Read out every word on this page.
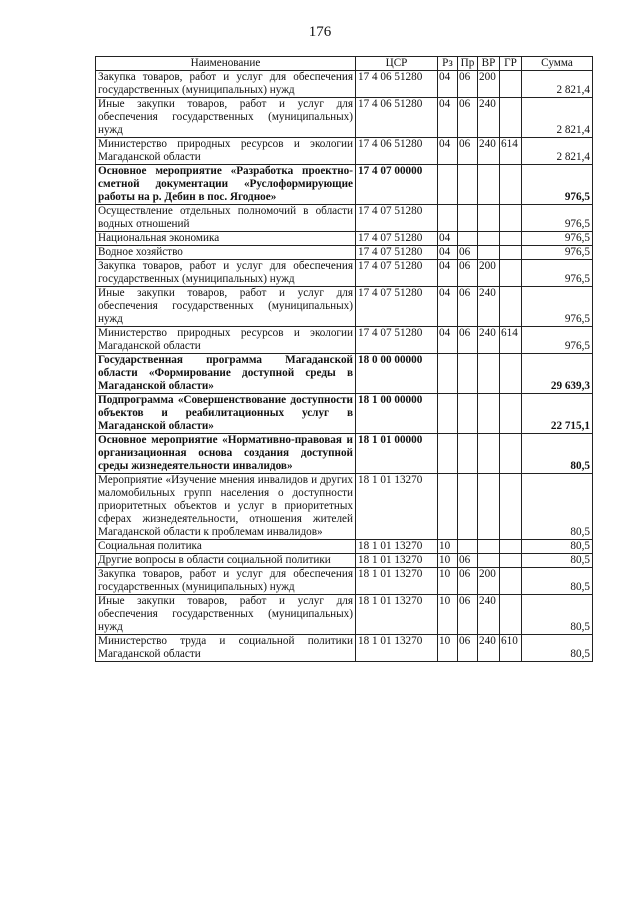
176
Наименование	ЦСР	Рз	Пр	ВР	ГР	Сумма
Закупка товаров, работ и услуг для обеспечения государственных (муниципальных) нужд	17 4 06 51280	04	06	200		2 821,4
Иные закупки товаров, работ и услуг для обеспечения государственных (муниципальных) нужд	17 4 06 51280	04	06	240		2 821,4
Министерство природных ресурсов и экологии Магаданской области	17 4 06 51280	04	06	240	614	2 821,4
Основное мероприятие «Разработка проектно-сметной документации «Руслоформирующие работы на р. Дебин в пос. Ягодное»	17 4 07 00000					976,5
Осуществление отдельных полномочий в области водных отношений	17 4 07 51280					976,5
Национальная экономика	17 4 07 51280	04				976,5
Водное хозяйство	17 4 07 51280	04	06			976,5
Закупка товаров, работ и услуг для обеспечения государственных (муниципальных) нужд	17 4 07 51280	04	06	200		976,5
Иные закупки товаров, работ и услуг для обеспечения государственных (муниципальных) нужд	17 4 07 51280	04	06	240		976,5
Министерство природных ресурсов и экологии Магаданской области	17 4 07 51280	04	06	240	614	976,5
Государственная программа Магаданской области «Формирование доступной среды в Магаданской области»	18 0 00 00000					29 639,3
Подпрограмма «Совершенствование доступности объектов и реабилитационных услуг в Магаданской области»	18 1 00 00000					22 715,1
Основное мероприятие «Нормативно-правовая и организационная основа создания доступной среды жизнедеятельности инвалидов»	18 1 01 00000					80,5
Мероприятие «Изучение мнения инвалидов и других маломобильных групп населения о доступности приоритетных объектов и услуг в приоритетных сферах жизнедеятельности, отношения жителей Магаданской области к проблемам инвалидов»	18 1 01 13270					80,5
Социальная политика	18 1 01 13270	10				80,5
Другие вопросы в области социальной политики	18 1 01 13270	10	06			80,5
Закупка товаров, работ и услуг для обеспечения государственных (муниципальных) нужд	18 1 01 13270	10	06	200		80,5
Иные закупки товаров, работ и услуг для обеспечения государственных (муниципальных) нужд	18 1 01 13270	10	06	240		80,5
Министерство труда и социальной политики Магаданской области	18 1 01 13270	10	06	240	610	80,5
